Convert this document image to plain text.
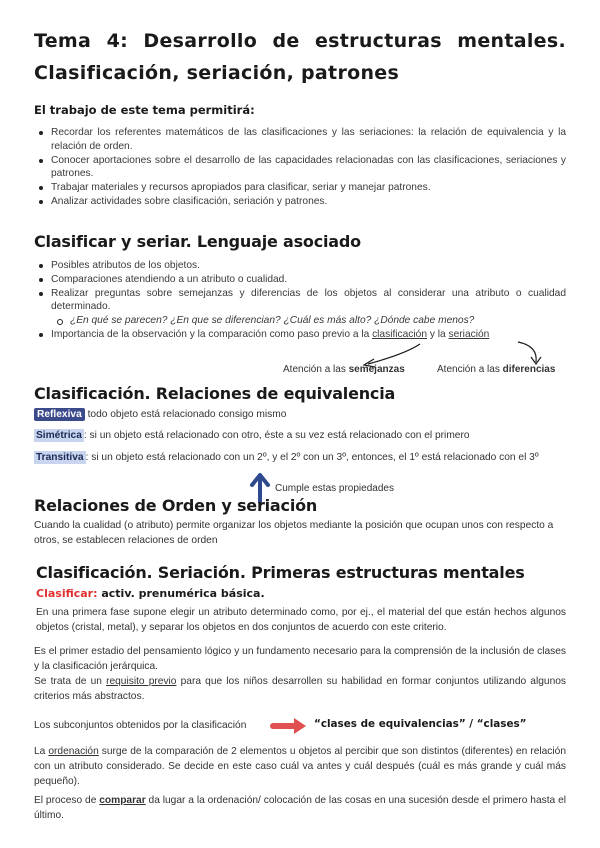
Tema 4: Desarrollo de estructuras mentales.
Clasificación, seriación, patrones
El trabajo de este tema permitirá:
Recordar los referentes matemáticos de las clasificaciones y las seriaciones: la relación de equivalencia y la relación de orden.
Conocer aportaciones sobre el desarrollo de las capacidades relacionadas con las clasificaciones, seriaciones y patrones.
Trabajar materiales y recursos apropiados para clasificar, seriar y manejar patrones.
Analizar actividades sobre clasificación, seriación y patrones.
Clasificar y seriar. Lenguaje asociado
Posibles atributos de los objetos.
Comparaciones atendiendo a un atributo o cualidad.
Realizar preguntas sobre semejanzas y diferencias de los objetos al considerar una atributo o cualidad determinado.
¿En qué se parecen? ¿En que se diferencian? ¿Cuál es más alto? ¿Dónde cabe menos?
Importancia de la observación y la comparación como paso previo a la clasificación y la seriación
Atención a las semejanzas	Atención a las diferencias
Clasificación. Relaciones de equivalencia
Reflexiva todo objeto está relacionado consigo mismo
Simétrica : si un objeto está relacionado con otro, éste a su vez está relacionado con el primero
Transitiva : si un objeto está relacionado con un 2º, y el 2º con un 3º, entonces, el 1º está relacionado con el 3º
Cumple estas propiedades
Relaciones de Orden y seriación
Cuando la cualidad (o atributo) permite organizar los objetos mediante la posición que ocupan unos con respecto a otros, se establecen relaciones de orden
Clasificación. Seriación. Primeras estructuras mentales
Clasificar: activ. prenumérica básica.
En una primera fase supone elegir un atributo determinado como, por ej., el material del que están hechos algunos objetos (cristal, metal), y separar los objetos en dos conjuntos de acuerdo con este criterio.
Es el primer estadio del pensamiento lógico y un fundamento necesario para la comprensión de la inclusión de clases y la clasificación jerárquica.
Se trata de un requisito previo para que los niños desarrollen su habilidad en formar conjuntos utilizando algunos criterios más abstractos.
Los subconjuntos obtenidos por la clasificación	“clases de equivalencias” / “clases”
La ordenación surge de la comparación de 2 elementos u objetos al percibir que son distintos (diferentes) en relación con un atributo considerado. Se decide en este caso cuál va antes y cuál después (cuál es más grande y cuál más pequeño).
El proceso de comparar da lugar a la ordenación/ colocación de las cosas en una sucesión desde el primero hasta el último.
